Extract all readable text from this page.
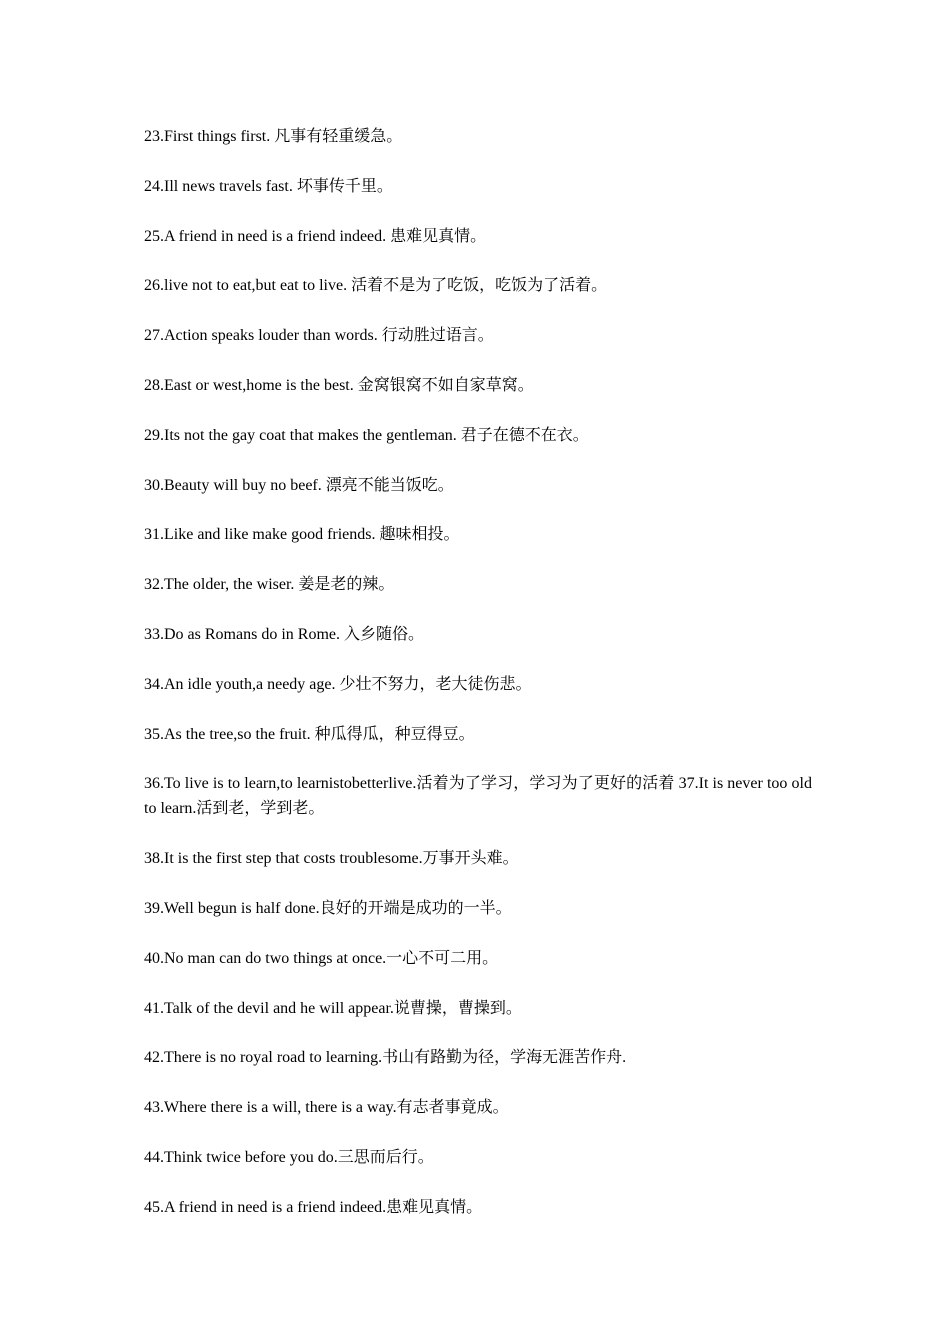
23.First things first. 凡事有轻重缓急。

24.Ill news travels fast. 坏事传千里。

25.A friend in need is a friend indeed. 患难见真情。

26.live not to eat,but eat to live. 活着不是为了吃饭，吃饭为了活着。

27.Action speaks louder than words. 行动胜过语言。

28.East or west,home is the best. 金窝银窝不如自家草窝。

29.Its not the gay coat that makes the gentleman. 君子在德不在衣。

30.Beauty will buy no beef. 漂亮不能当饭吃。

31.Like and like make good friends. 趣味相投。

32.The older, the wiser. 姜是老的辣。

33.Do as Romans do in Rome. 入乡随俗。

34.An idle youth,a needy age. 少壮不努力，老大徒伤悲。

35.As the tree,so the fruit. 种瓜得瓜，种豆得豆。

36.To live is to learn,to learnistobetterlive.活着为了学习，学习为了更好的活着 37.It is never too old to learn.活到老，学到老。

38.It is the first step that costs troublesome.万事开头难。

39.Well begun is half done.良好的开端是成功的一半。

40.No man can do two things at once.一心不可二用。

41.Talk of the devil and he will appear.说曹操，曹操到。

42.There is no royal road to learning.书山有路勤为径，学海无涯苦作舟.

43.Where there is a will, there is a way.有志者事竟成。

44.Think twice before you do.三思而后行。

45.A friend in need is a friend indeed.患难见真情。
